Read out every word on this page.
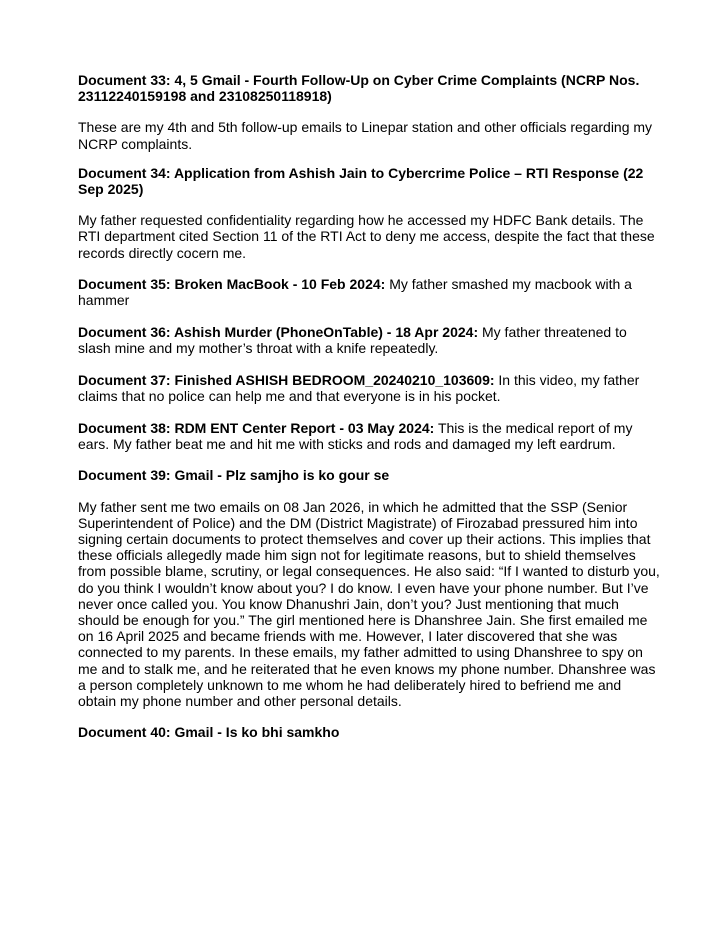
Document 33: 4, 5 Gmail - Fourth Follow-Up on Cyber Crime Complaints (NCRP Nos. 23112240159198 and 23108250118918)
These are my 4th and 5th follow-up emails to Linepar station and other officials regarding my NCRP complaints.
Document 34: Application from Ashish Jain to Cybercrime Police – RTI Response (22 Sep 2025)
My father requested confidentiality regarding how he accessed my HDFC Bank details. The RTI department cited Section 11 of the RTI Act to deny me access, despite the fact that these records directly cocern me.
Document 35: Broken MacBook - 10 Feb 2024: My father smashed my macbook with a hammer
Document 36: Ashish Murder (PhoneOnTable) - 18 Apr 2024: My father threatened to slash mine and my mother’s throat with a knife repeatedly.
Document 37: Finished ASHISH BEDROOM_20240210_103609: In this video, my father claims that no police can help me and that everyone is in his pocket.
Document 38: RDM ENT Center Report - 03 May 2024: This is the medical report of my ears. My father beat me and hit me with sticks and rods and damaged my left eardrum.
Document 39: Gmail - Plz samjho is ko gour se
My father sent me two emails on 08 Jan 2026, in which he admitted that the SSP (Senior Superintendent of Police) and the DM (District Magistrate) of Firozabad pressured him into signing certain documents to protect themselves and cover up their actions. This implies that these officials allegedly made him sign not for legitimate reasons, but to shield themselves from possible blame, scrutiny, or legal consequences. He also said: “If I wanted to disturb you, do you think I wouldn’t know about you? I do know. I even have your phone number. But I’ve never once called you. You know Dhanushri Jain, don’t you? Just mentioning that much should be enough for you.” The girl mentioned here is Dhanshree Jain. She first emailed me on 16 April 2025 and became friends with me. However, I later discovered that she was connected to my parents. In these emails, my father admitted to using Dhanshree to spy on me and to stalk me, and he reiterated that he even knows my phone number. Dhanshree was a person completely unknown to me whom he had deliberately hired to befriend me and obtain my phone number and other personal details.
Document 40: Gmail - Is ko bhi samkho
